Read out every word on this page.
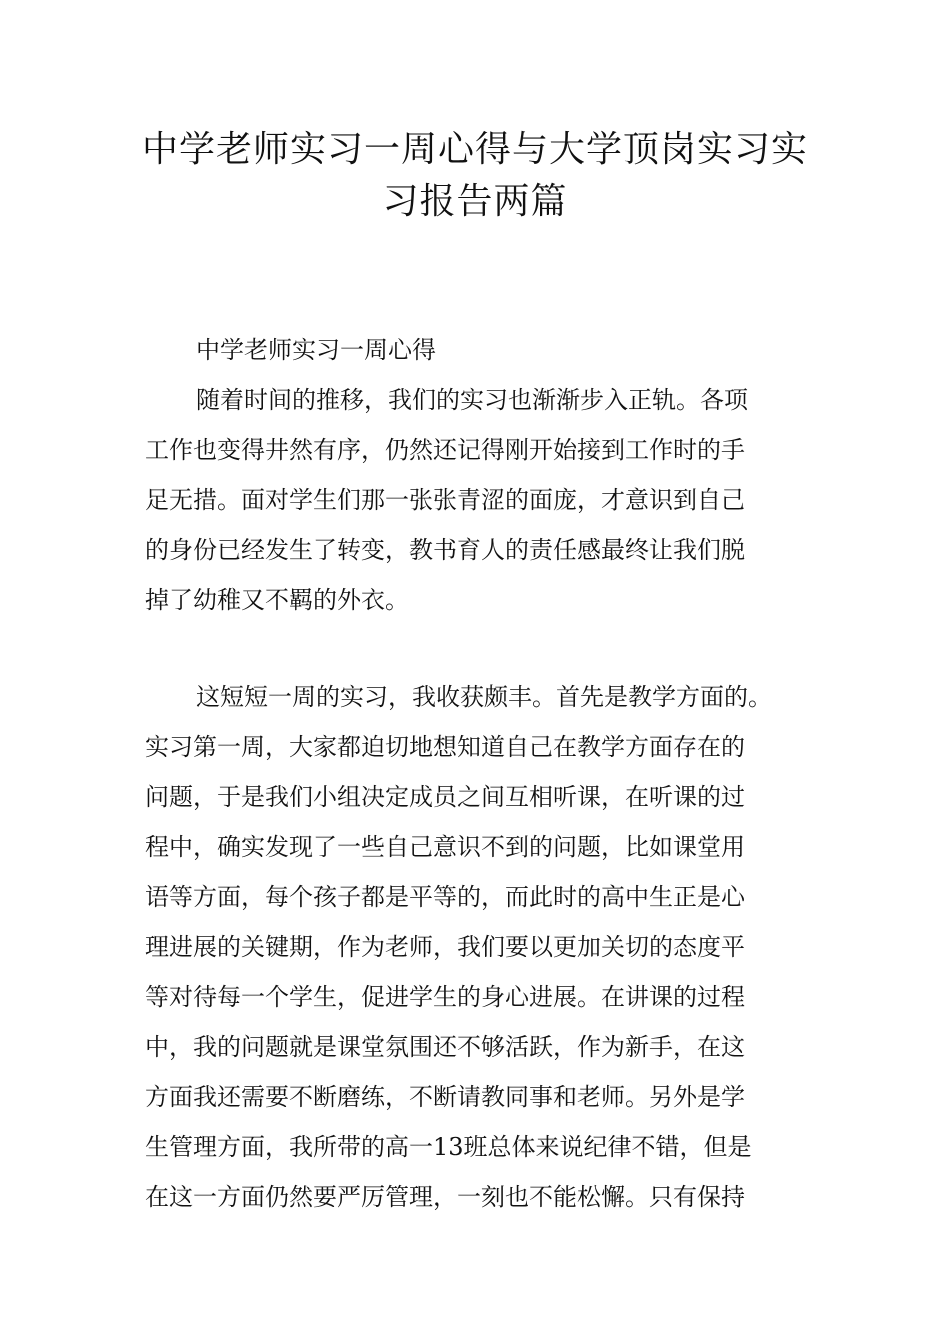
中学老师实习一周心得与大学顶岗实习实
习报告两篇
中学老师实习一周心得
随着时间的推移，我们的实习也渐渐步入正轨。各项
工作也变得井然有序，仍然还记得刚开始接到工作时的手
足无措。面对学生们那一张张青涩的面庞，才意识到自己
的身份已经发生了转变，教书育人的责任感最终让我们脱
掉了幼稚又不羁的外衣。
这短短一周的实习，我收获颇丰。首先是教学方面的。
实习第一周，大家都迫切地想知道自己在教学方面存在的
问题，于是我们小组决定成员之间互相听课，在听课的过
程中，确实发现了一些自己意识不到的问题，比如课堂用
语等方面，每个孩子都是平等的，而此时的高中生正是心
理进展的关键期，作为老师，我们要以更加关切的态度平
等对待每一个学生，促进学生的身心进展。在讲课的过程
中，我的问题就是课堂氛围还不够活跃，作为新手，在这
方面我还需要不断磨练，不断请教同事和老师。另外是学
生管理方面，我所带的高一13班总体来说纪律不错，但是
在这一方面仍然要严厉管理，一刻也不能松懈。只有保持
